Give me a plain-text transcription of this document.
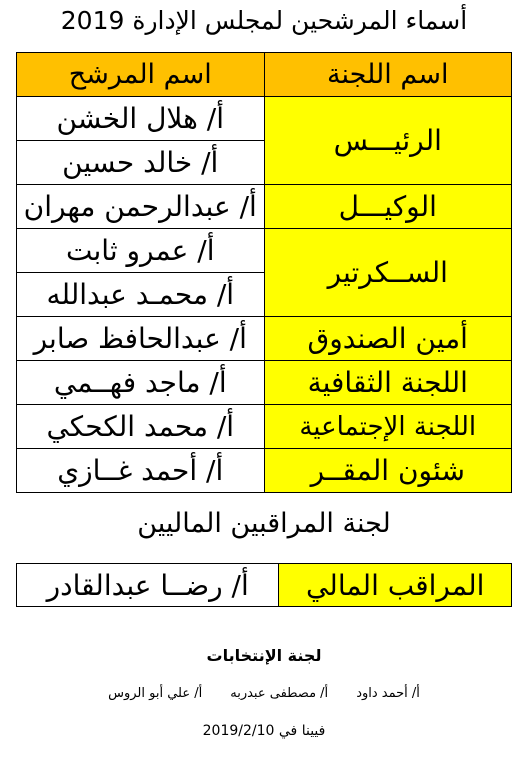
أسماء المرشحين لمجلس الإدارة 2019
اسم اللجنة	اسم المرشح
الرئيـــس	أ/ هلال الخشن
	أ/ خالد حسين
الوكيـــل	أ/ عبدالرحمن مهران
الســكرتير	أ/ عمرو ثابت
	أ/ محمـد عبدالله
أمين الصندوق	أ/ عبدالحافظ صابر
اللجنة الثقافية	أ/ ماجد فهــمي
اللجنة الإجتماعية	أ/ محمد الكحكي
شئون المقــر	أ/ أحمد غــازي
لجنة المراقبين الماليين
المراقب المالي	أ/ رضــا عبدالقادر
لجنة الإنتخابات
أ/ أحمد داود
أ/ مصطفى عبدربه
أ/ علي أبو الروس
فيينا في 2019/2/10
